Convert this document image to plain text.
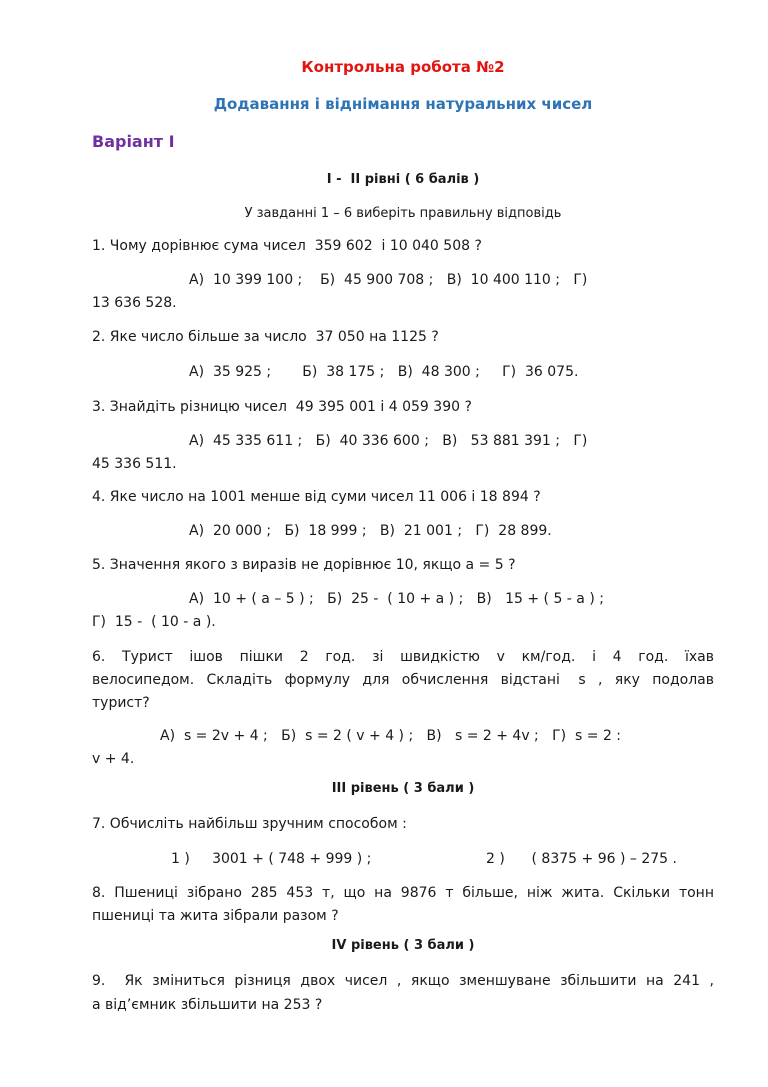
Контрольна робота №2
Додавання і віднімання натуральних чисел
Варіант І
І -  ІІ рівні ( 6 балів )
У завданні 1 – 6 виберіть правильну відповідь
1. Чому дорівнює сума чисел  359 602  і 10 040 508 ?
А)  10 399 100 ;    Б)  45 900 708 ;   В)  10 400 110 ;   Г)
13 636 528.
2. Яке число більше за число  37 050 на 1125 ?
А)  35 925 ;       Б)  38 175 ;   В)  48 300 ;     Г)  36 075.
3. Знайдіть різницю чисел  49 395 001 і 4 059 390 ?
А)  45 335 611 ;   Б)  40 336 600 ;   В)   53 881 391 ;   Г)
45 336 511.
4. Яке число на 1001 менше від суми чисел 11 006 і 18 894 ?
А)  20 000 ;   Б)  18 999 ;   В)  21 001 ;   Г)  28 899.
5. Значення якого з виразів не дорівнює 10, якщо а = 5 ?
А)  10 + ( а – 5 ) ;   Б)  25 -  ( 10 + а ) ;   В)   15 + ( 5 - а ) ;
Г)  15 -  ( 10 - а ).
6.  Турист  ішов  пішки  2  год.  зі  швидкістю  v  км/год.  і  4  год.  їхав
велосипедом.  Складіть  формулу  для  обчислення  відстані   s  ,  яку  подолав
турист?
А)  s = 2v + 4 ;   Б)  s = 2 ( v + 4 ) ;   В)   s = 2 + 4v ;   Г)  s = 2 :
v + 4.
ІІІ рівень ( 3 бали )
7. Обчисліть найбільш зручним способом :
1 )     3001 + ( 748 + 999 ) ;	2 )      ( 8375 + 96 ) – 275 .
8. Пшениці зібрано 285 453 т, що на 9876 т більше, ніж жита. Скільки тонн
пшениці та жита зібрали разом ?
ІV рівень ( 3 бали )
9.  Як зміниться різниця двох чисел , якщо зменшуване збільшити на 241 ,
а від’ємник збільшити на 253 ?
